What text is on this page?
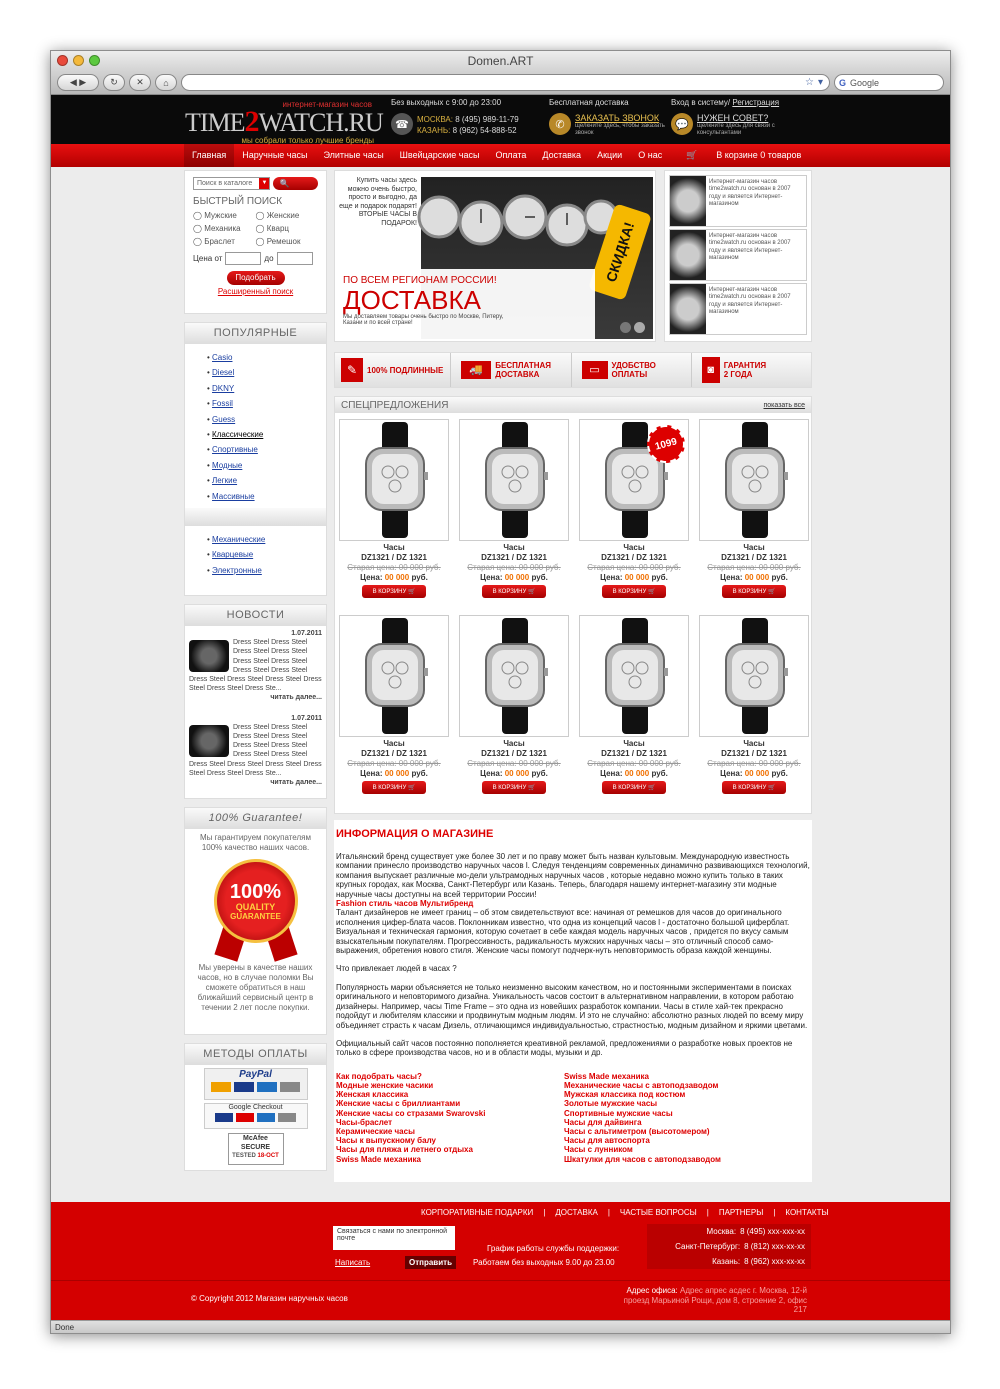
Domen.ART
◀
▶	↻ ✕ ⌂	☆ ▾ G Google
интернет-магазин часов
TIME2WATCH.RU
мы собрали только лучшие бренды
Без выходных с 9:00 до 23:00
☎	МОСКВА: 8 (495) 989-11-79
КАЗАНЬ: 8 (962) 54-888-52
Бесплатная доставка
✆
ЗАКАЗАТЬ ЗВОНОК
щелкните здесь, чтобы заказать звонок
Вход в систему/ Регистрация
💬
НУЖЕН СОВЕТ?
щелкните здесь для связи с консультантами
Главная	Наручные часы	Элитные часы	Швейцарские часы	Оплата	Доставка	Акции	О нас	🛒 В корзине 0 товаров
Поиск в каталоге	▼	🔍Найти
БЫСТРЫЙ ПОИСК
◯ Мужские	◯ Женские
◯ Механика	◯ Кварц
◯ Браслет	◯ Ремешок
Цена от	до
Подобрать
Расширенный поиск
ПОПУЛЯРНЫЕ
• Casio
• Diesel
• DKNY
• Fossil
• Guess
• Классические
• Спортивные
• Модные
• Легкие
• Массивные
• Механические
• Кварцевые
• Электронные
НОВОСТИ
1.07.2011
Dress Steel Dress Steel Dress Steel Dress Steel Dress Steel Dress Steel Dress Steel Dress Steel Dress Steel Dress Steel Dress Steel Dress Steel Dress Steel Dress Ste...
читать далее...
1.07.2011
Dress Steel Dress Steel Dress Steel Dress Steel Dress Steel Dress Steel Dress Steel Dress Steel Dress Steel Dress Steel Dress Steel Dress Steel Dress Steel Dress Ste...
читать далее...
100% Guarantee!
Мы гарантируем покупателям 100% качество наших часов.
100%
QUALITY
GUARANTEE
Мы уверены в качестве наших часов, но в случае поломки Вы сможете обратиться в наш ближайший сервисный центр в течении 2 лет после покупки.
МЕТОДЫ ОПЛАТЫ
PayPal
Google Checkout
McAfee SECURE
TESTED 18-OCT
Купить часы здесь можно очень быстро, просто и выгодно, да еще и подарок подарят! ВТОРЫЕ ЧАСЫ В ПОДАРОК!	СКИДКА!
ПО ВСЕМ РЕГИОНАМ РОССИИ!
ДОСТАВКА
Мы доставляем товары очень быстро по Москве, Питеру, Казани и по всей стране!
Интернет-магазин часов time2watch.ru основан в 2007 году и является Интернет-магазином
Интернет-магазин часов time2watch.ru основан в 2007 году и является Интернет-магазином
Интернет-магазин часов time2watch.ru основан в 2007 году и является Интернет-магазином
✎	100% ПОДЛИННЫЕ	🚚	БЕСПЛАТНАЯ ДОСТАВКА	▭	УДОБСТВО ОПЛАТЫ	◙	ГАРАНТИЯ 2 ГОДА
СПЕЦПРЕДЛОЖЕНИЯ	показать все
Часы
DZ1321 / DZ 1321
Старая цена: 00 000 руб.
Цена: 00 000 руб.
В КОРЗИНУ
🛒
Часы
DZ1321 / DZ 1321
Старая цена: 00 000 руб.
Цена: 00 000 руб.
В КОРЗИНУ
🛒
1099
Часы
DZ1321 / DZ 1321
Старая цена: 00 000 руб.
Цена: 00 000 руб.
В КОРЗИНУ
🛒
Часы
DZ1321 / DZ 1321
Старая цена: 00 000 руб.
Цена: 00 000 руб.
В КОРЗИНУ
🛒
Часы
DZ1321 / DZ 1321
Старая цена: 00 000 руб.
Цена: 00 000 руб.
В КОРЗИНУ
🛒
Часы
DZ1321 / DZ 1321
Старая цена: 00 000 руб.
Цена: 00 000 руб.
В КОРЗИНУ
🛒
Часы
DZ1321 / DZ 1321
Старая цена: 00 000 руб.
Цена: 00 000 руб.
В КОРЗИНУ
🛒
Часы
DZ1321 / DZ 1321
Старая цена: 00 000 руб.
Цена: 00 000 руб.
В КОРЗИНУ
🛒
ИНФОРМАЦИЯ О МАГАЗИНЕ
Итальянский бренд существует уже более 30 лет и по праву может быть назван культовым. Международную известность компании принесло производство наручных часов l. Следуя тенденциям современных динамично развивающихся технологий, компания выпускает различные мо-дели ультрамодных наручных часов , которые недавно можно купить только в таких крупных городах, как Москва, Санкт-Петербург или Казань. Теперь, благодаря нашему интернет-магазину эти модные наручные часы доступны на всей территории России!
Fashion стиль часов Мультибренд
Талант дизайнеров не имеет границ – об этом свидетельствуют все: начиная от ремешков для часов до оригинального исполнения цифер-блата часов. Поклонникам известно, что одна из концепций часов l - достаточно большой циферблат. Визуальная и техническая гармония, которую сочетает в себе каждая модель наручных часов , придется по вкусу самым взыскательным покупателям. Прогрессивность, радикальность мужских наручных часы – это отличный способ само-выражения, обретения нового стиля. Женские часы помогут подчерк-нуть неповторимость образа каждой женщины.
Что привлекает людей в часах ?
Популярность марки объясняется не только неизменно высоким качеством, но и постоянными экспериментами в поисках оригинального и неповторимого дизайна. Уникальность часов состоит в альтернативном направлении, в котором работаю дизайнеры. Например, часы Time Frame – это одна из новейших разработок компании. Часы в стиле хай-тек прекрасно подойдут и любителям классики и продвинутым модным людям. И это не случайно: абсолютно разных людей по всему миру объединяет страсть к часам Дизель, отличающимся индивидуальностью, страстностью, модным дизайном и яркими цветами.
Официальный сайт часов постоянно пополняется креативной рекламой, предложениями о разработке новых проектов не только в сфере производства часов, но и в области моды, музыки и др.
Как подобрать часы?
Модные женские часики
Женская классика
Женские часы с бриллиантами
Женские часы со стразами Swarovski
Часы-браслет
Керамические часы
Часы к выпускному балу
Часы для пляжа и летнего отдыха
Swiss Made механика
Swiss Made механика
Механические часы с автоподзаводом
Мужская классика под костюм
Золотые мужские часы
Спортивные мужские часы
Часы для дайвинга
Часы с альтиметром (высотомером)
Часы для автоспорта
Часы с лунником
Шкатулки для часов с автоподзаводом
КОРПОРАТИВНЫЕ ПОДАРКИ | ДОСТАВКА | ЧАСТЫЕ ВОПРОСЫ | ПАРТНЕРЫ | КОНТАКТЫ
Связаться с нами по электронной почте
Написать	Отправить
График работы службы поддержки:
Работаем без выходных 9.00 до 23.00
Москва: 8 (495) xxx-xxx-xx
Санкт-Петербург: 8 (812) xxx-xx-xx
Казань: 8 (962) xxx-xx-xx
© Copyright 2012 Магазин наручных часов
Адрес офиса: Адрес апрес асдес г. Москва, 12-й проезд Марьиной Рощи, дом 8, строение 2, офис 217
Done
